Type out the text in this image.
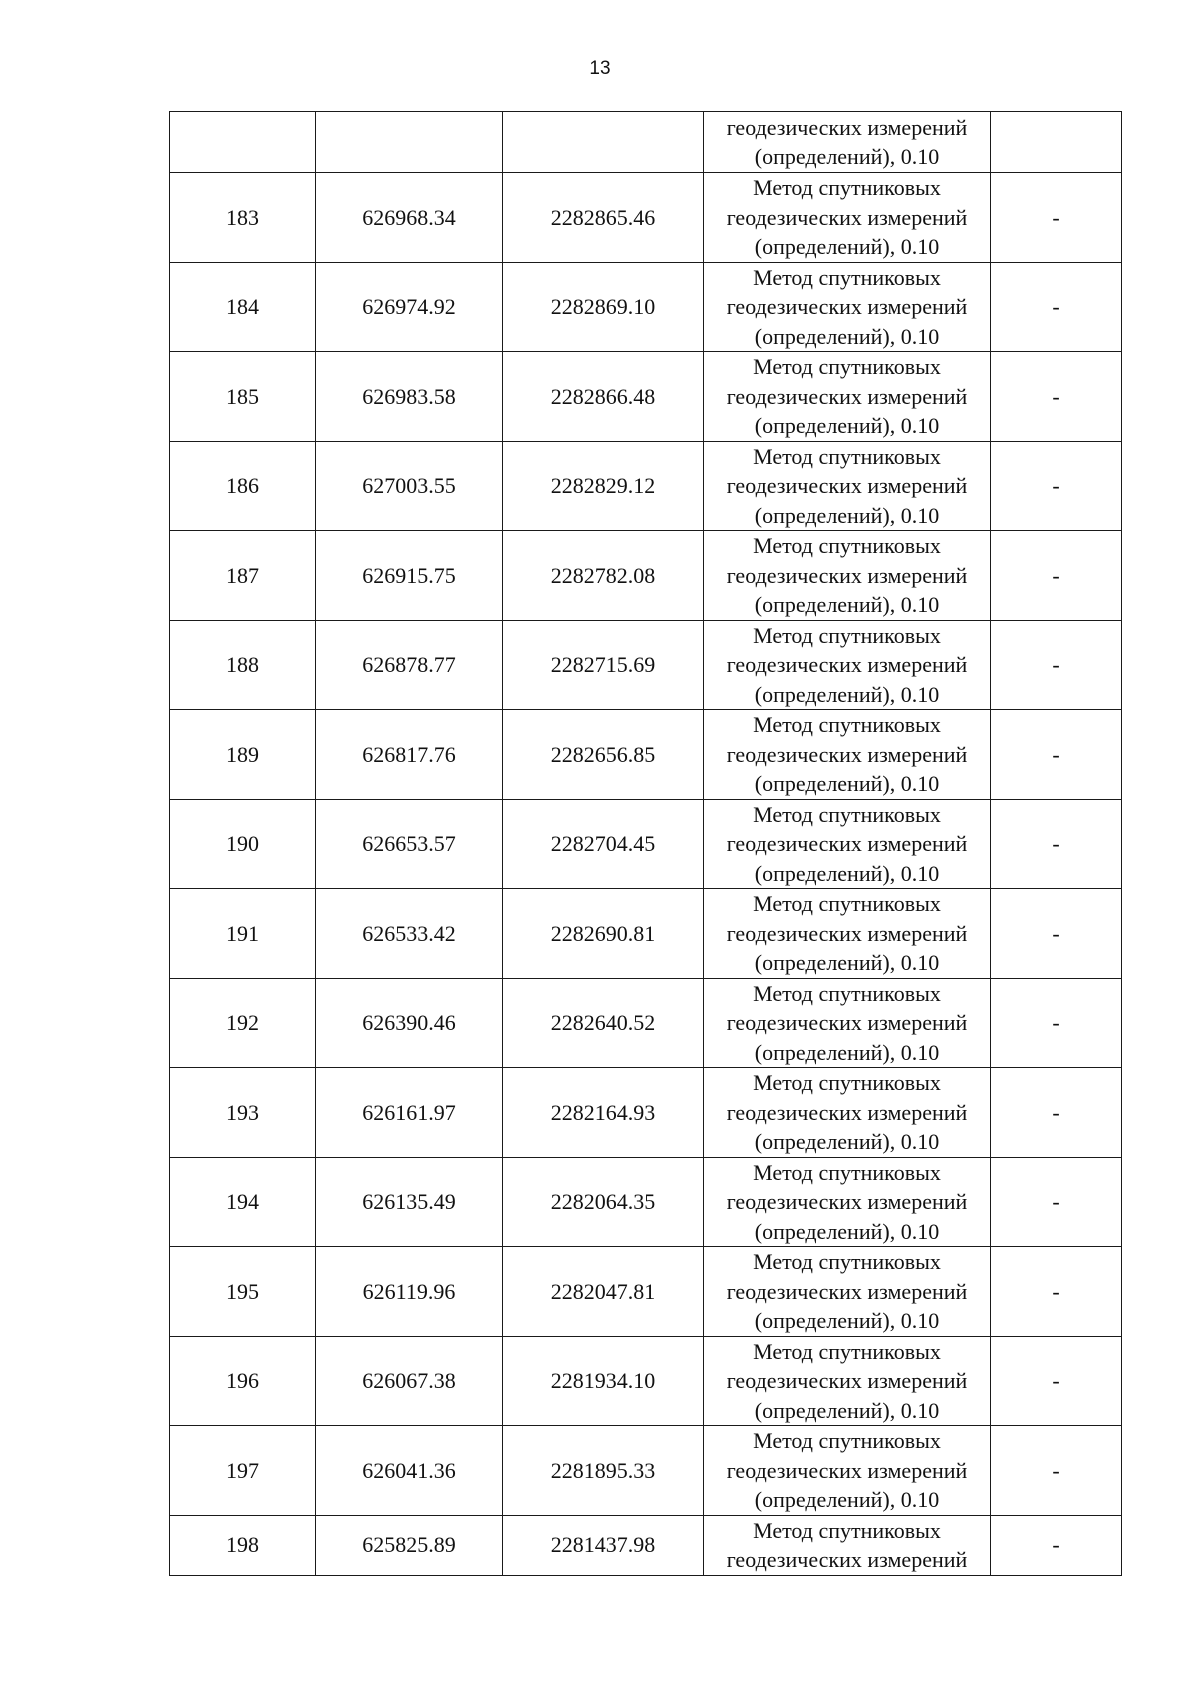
13

			геодезических измерений
(определений), 0.10	

183	626968.34	2282865.46	Метод спутниковых
геодезических измерений
(определений), 0.10	-
184	626974.92	2282869.10	Метод спутниковых
геодезических измерений
(определений), 0.10	-
185	626983.58	2282866.48	Метод спутниковых
геодезических измерений
(определений), 0.10	-
186	627003.55	2282829.12	Метод спутниковых
геодезических измерений
(определений), 0.10	-
187	626915.75	2282782.08	Метод спутниковых
геодезических измерений
(определений), 0.10	-
188	626878.77	2282715.69	Метод спутниковых
геодезических измерений
(определений), 0.10	-
189	626817.76	2282656.85	Метод спутниковых
геодезических измерений
(определений), 0.10	-
190	626653.57	2282704.45	Метод спутниковых
геодезических измерений
(определений), 0.10	-
191	626533.42	2282690.81	Метод спутниковых
геодезических измерений
(определений), 0.10	-
192	626390.46	2282640.52	Метод спутниковых
геодезических измерений
(определений), 0.10	-
193	626161.97	2282164.93	Метод спутниковых
геодезических измерений
(определений), 0.10	-
194	626135.49	2282064.35	Метод спутниковых
геодезических измерений
(определений), 0.10	-
195	626119.96	2282047.81	Метод спутниковых
геодезических измерений
(определений), 0.10	-
196	626067.38	2281934.10	Метод спутниковых
геодезических измерений
(определений), 0.10	-
197	626041.36	2281895.33	Метод спутниковых
геодезических измерений
(определений), 0.10	-
198	625825.89	2281437.98	Метод спутниковых
геодезических измерений	-
